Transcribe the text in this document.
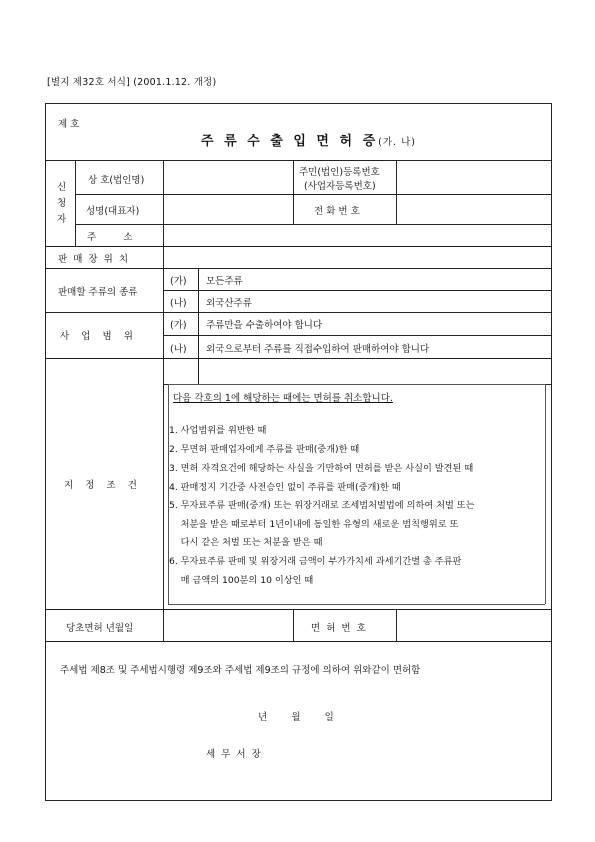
[별지 제32호 서식] (2001.1.12. 개정)
제 호
주 류 수 출 입 면 허 증(가. 나)
신
청
자
상 호(법인명)
주민(법인)등록번호
(사업자등록번호)
성명(대표자)	전 화 번 호
주         소
판  매  장  위  치
판매할 주류의 종류
(가) 모든주류
(나) 외국산주류
사    업    범    위
(가) 주류만을 수출하여야 합니다
(나) 외국으로부터 주류를 직접수입하여 판매하여야 합니다
지    정    조    건
다음 각호의 1에 해당하는 때에는 면허를 취소합니다.
1. 사업범위를 위반한 때
2. 무면허 판매업자에게 주류를 판매(중개)한 때
3. 면허 자격요건에 해당하는 사실을 기만하여 면허를 받은 사실이 발견된 때
4. 판매정지 기간중 사전승인 없이 주류를 판매(중개)한 때
5. 무자료주류 판매(중개) 또는 위장거래로 조세범처벌법에 의하여 처벌 또는
처분을 받은 때로부터 1년이내에 동일한 유형의 새로운 범칙행위로 또
다시 같은 처벌 또는 처분을 받은 때
6. 무자료주류 판매 및 위장거래 금액이 부가가치세 과세기간별 총 주류판
매 금액의 100분의 10 이상인 때
당초면허 년월일	면  허  번  호
주세법 제8조 및 주세법시행령 제9조와 주세법 제9조의 규정에 의하여 위와같이 면허함
년        월        일
세  무  서  장
